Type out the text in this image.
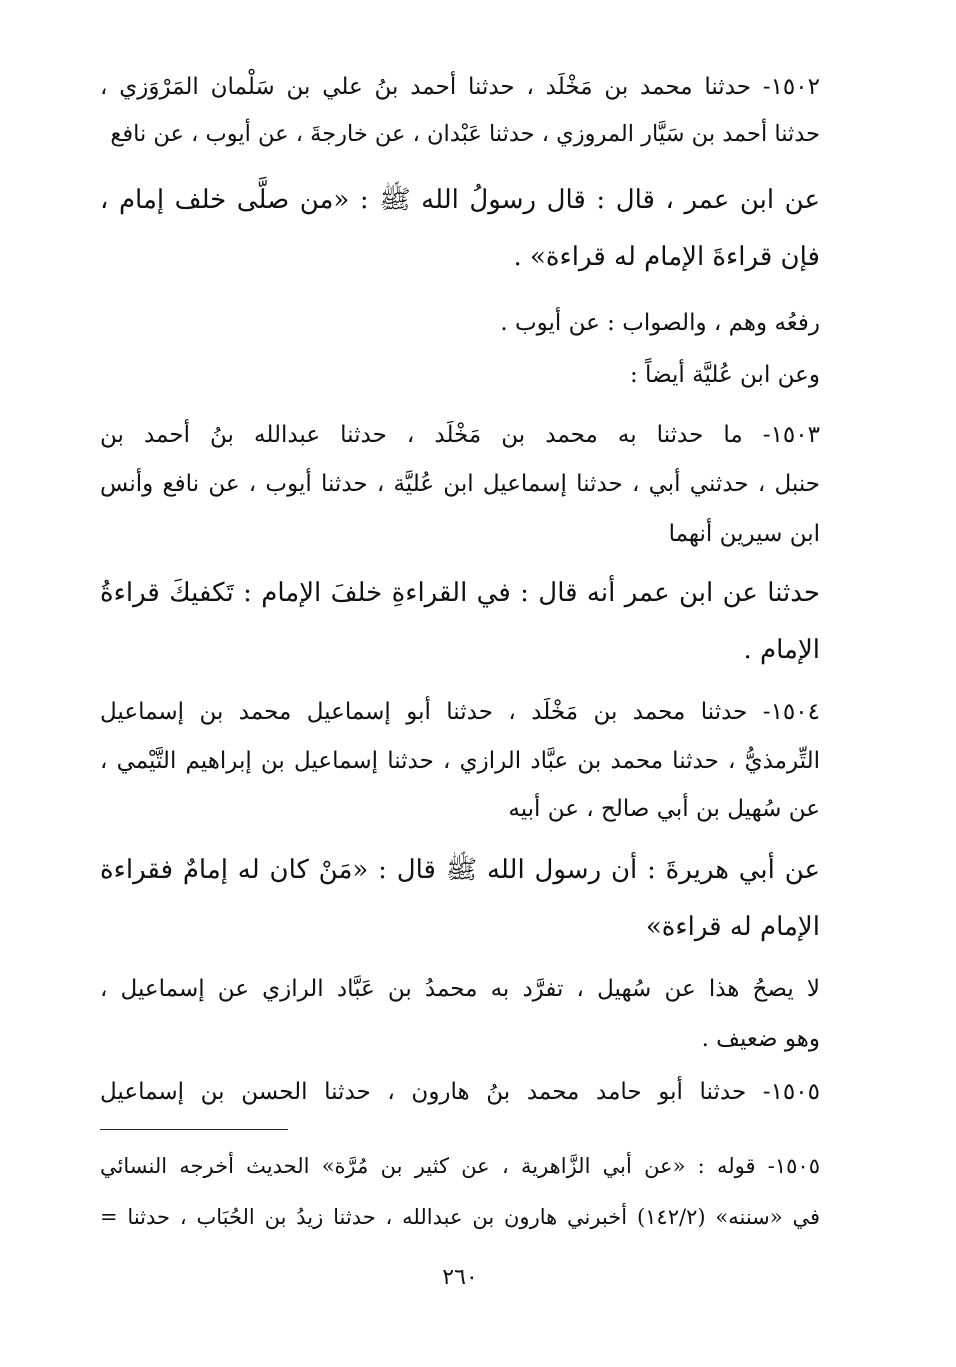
١٥٠٢- حدثنا محمد بن مَخْلَد ، حدثنا أحمد بنُ علي بن سَلْمان المَرْوَزي ،
حدثنا أحمد بن سَيَّار المروزي ، حدثنا عَبْدان ، عن خارجةَ ، عن أيوب ، عن نافع
عن ابن عمر ، قال : قال رسولُ الله ﷺ : «من صلَّى خلف إمام ،
فإن قراءةَ الإمام له قراءة» .
رفعُه وهم ، والصواب : عن أيوب .
وعن ابن عُليَّة أيضاً :
١٥٠٣- ما حدثنا به محمد بن مَخْلَد ، حدثنا عبدالله بنُ أحمد بن
حنبل ، حدثني أبي ، حدثنا إسماعيل ابن عُليَّة ، حدثنا أيوب ، عن نافع وأنس
ابن سيرين أنهما
حدثنا عن ابن عمر أنه قال : في القراءةِ خلفَ الإمام : تَكفيكَ قراءةُ
الإمام .
١٥٠٤- حدثنا محمد بن مَخْلَد ، حدثنا أبو إسماعيل محمد بن إسماعيل
التِّرمذيُّ ، حدثنا محمد بن عبَّاد الرازي ، حدثنا إسماعيل بن إبراهيم التَّيْمي ،
عن سُهيل بن أبي صالح ، عن أبيه
عن أبي هريرةَ : أن رسول الله ﷺ قال : «مَنْ كان له إمامٌ فقراءة
الإمام له قراءة»
لا يصحُ هذا عن سُهيل ، تفرَّد به محمدُ بن عَبَّاد الرازي عن إسماعيل ،
وهو ضعيف .
١٥٠٥- حدثنا أبو حامد محمد بنُ هارون ، حدثنا الحسن بن إسماعيل
١٥٠٥- قوله : «عن أبي الزَّاهرية ، عن كثير بن مُرَّة» الحديث أخرجه النسائي
في «سننه» (١٤٢/٢) أخبرني هارون بن عبدالله ، حدثنا زيدُ بن الحُبَاب ، حدثنا =
٢٦٠
